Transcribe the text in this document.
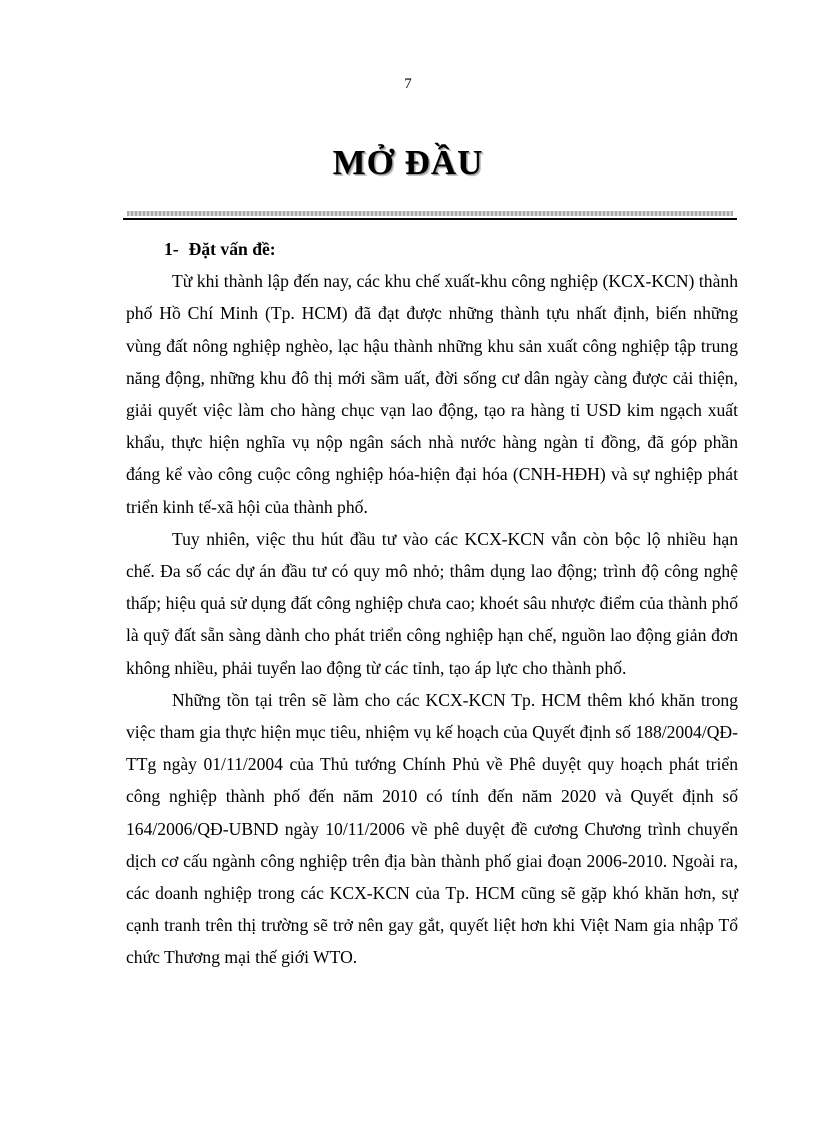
7
MỞ ĐẦU

1- Đặt vấn đề:

Từ khi thành lập đến nay, các khu chế xuất-khu công nghiệp (KCX-KCN) thành phố Hồ Chí Minh (Tp. HCM) đã đạt được những thành tựu nhất định, biến những vùng đất nông nghiệp nghèo, lạc hậu thành những khu sản xuất công nghiệp tập trung năng động, những khu đô thị mới sầm uất, đời sống cư dân ngày càng được cải thiện, giải quyết việc làm cho hàng chục vạn lao động, tạo ra hàng tỉ USD kim ngạch xuất khẩu, thực hiện nghĩa vụ nộp ngân sách nhà nước hàng ngàn tỉ đồng, đã góp phần đáng kể vào công cuộc công nghiệp hóa-hiện đại hóa (CNH-HĐH) và sự nghiệp phát triển kinh tế-xã hội của thành phố.

Tuy nhiên, việc thu hút đầu tư vào các KCX-KCN vẫn còn bộc lộ nhiều hạn chế. Đa số các dự án đầu tư có quy mô nhỏ; thâm dụng lao động; trình độ công nghệ thấp; hiệu quả sử dụng đất công nghiệp chưa cao; khoét sâu nhược điểm của thành phố là quỹ đất sẵn sàng dành cho phát triển công nghiệp hạn chế, nguồn lao động giản đơn không nhiều, phải tuyển lao động từ các tỉnh, tạo áp lực cho thành phố.

Những tồn tại trên sẽ làm cho các KCX-KCN Tp. HCM thêm khó khăn trong việc tham gia thực hiện mục tiêu, nhiệm vụ kế hoạch của Quyết định số 188/2004/QĐ-TTg ngày 01/11/2004 của Thủ tướng Chính Phủ về Phê duyệt quy hoạch phát triển công nghiệp thành phố đến năm 2010 có tính đến năm 2020 và Quyết định số 164/2006/QĐ-UBND ngày 10/11/2006 về phê duyệt đề cương Chương trình chuyển dịch cơ cấu ngành công nghiệp trên địa bàn thành phố giai đoạn 2006-2010. Ngoài ra, các doanh nghiệp trong các KCX-KCN của Tp. HCM cũng sẽ gặp khó khăn hơn, sự cạnh tranh trên thị trường sẽ trở nên gay gắt, quyết liệt hơn khi Việt Nam gia nhập Tổ chức Thương mại thế giới WTO.
